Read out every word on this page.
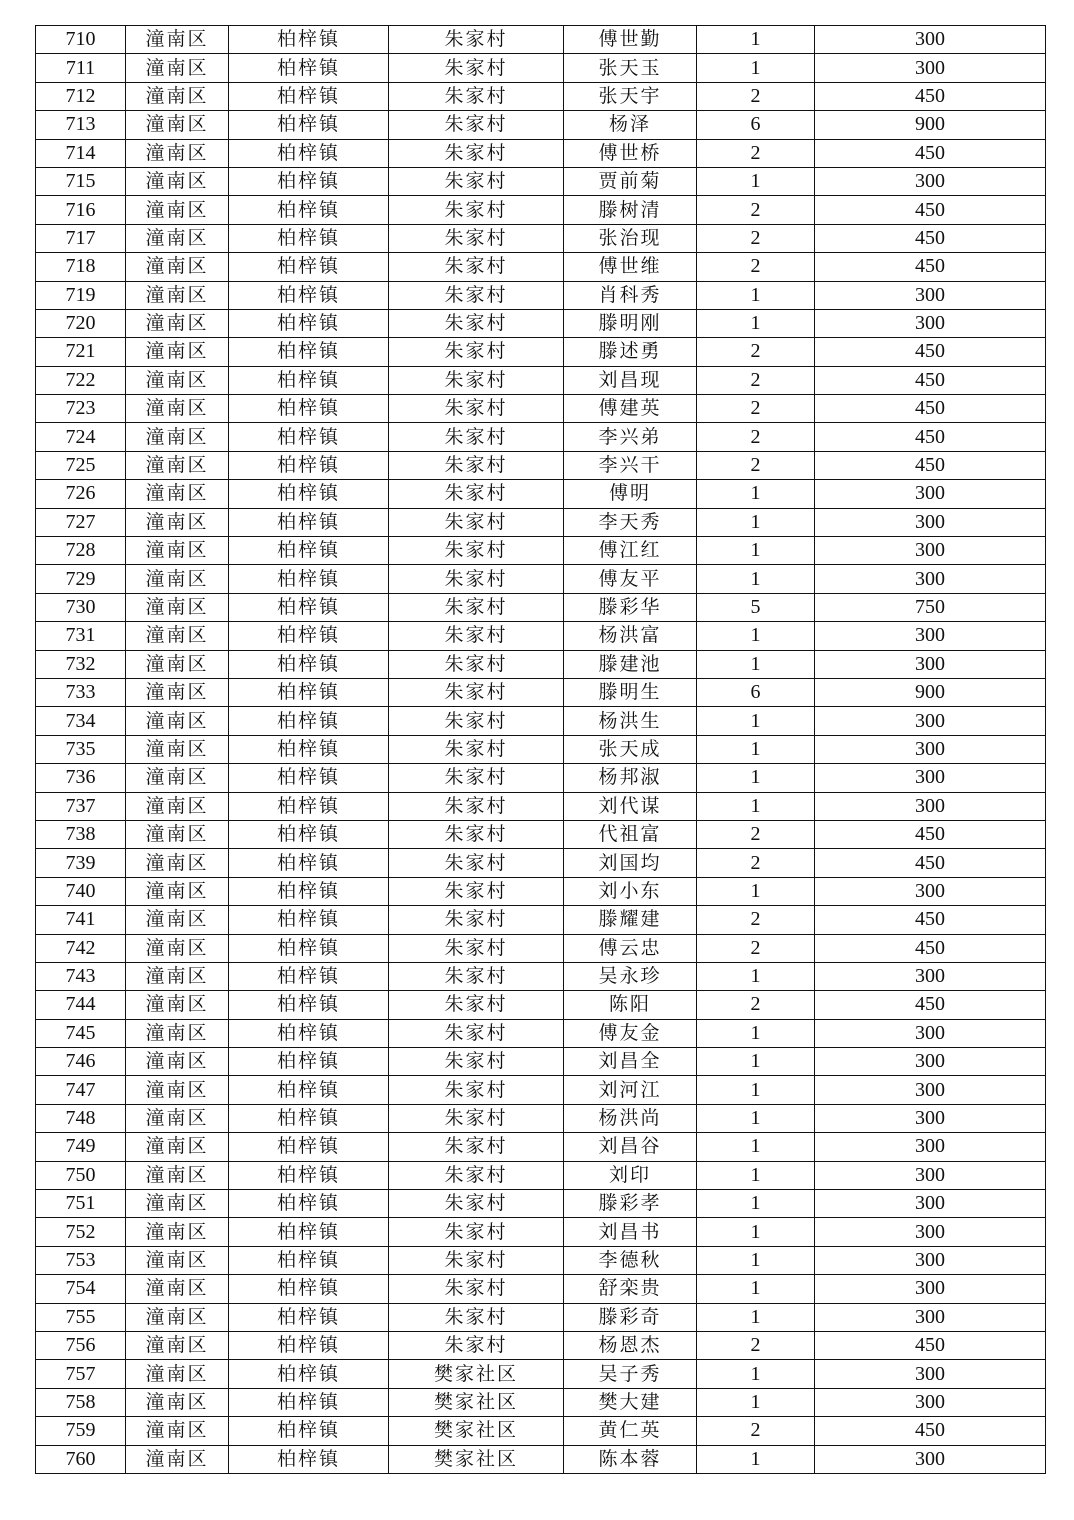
710	潼南区	柏梓镇	朱家村	傅世勤	1	300
711	潼南区	柏梓镇	朱家村	张天玉	1	300
712	潼南区	柏梓镇	朱家村	张天宇	2	450
713	潼南区	柏梓镇	朱家村	杨泽	6	900
714	潼南区	柏梓镇	朱家村	傅世桥	2	450
715	潼南区	柏梓镇	朱家村	贾前菊	1	300
716	潼南区	柏梓镇	朱家村	滕树清	2	450
717	潼南区	柏梓镇	朱家村	张治现	2	450
718	潼南区	柏梓镇	朱家村	傅世维	2	450
719	潼南区	柏梓镇	朱家村	肖科秀	1	300
720	潼南区	柏梓镇	朱家村	滕明刚	1	300
721	潼南区	柏梓镇	朱家村	滕述勇	2	450
722	潼南区	柏梓镇	朱家村	刘昌现	2	450
723	潼南区	柏梓镇	朱家村	傅建英	2	450
724	潼南区	柏梓镇	朱家村	李兴弟	2	450
725	潼南区	柏梓镇	朱家村	李兴干	2	450
726	潼南区	柏梓镇	朱家村	傅明	1	300
727	潼南区	柏梓镇	朱家村	李天秀	1	300
728	潼南区	柏梓镇	朱家村	傅江红	1	300
729	潼南区	柏梓镇	朱家村	傅友平	1	300
730	潼南区	柏梓镇	朱家村	滕彩华	5	750
731	潼南区	柏梓镇	朱家村	杨洪富	1	300
732	潼南区	柏梓镇	朱家村	滕建池	1	300
733	潼南区	柏梓镇	朱家村	滕明生	6	900
734	潼南区	柏梓镇	朱家村	杨洪生	1	300
735	潼南区	柏梓镇	朱家村	张天成	1	300
736	潼南区	柏梓镇	朱家村	杨邦淑	1	300
737	潼南区	柏梓镇	朱家村	刘代谋	1	300
738	潼南区	柏梓镇	朱家村	代祖富	2	450
739	潼南区	柏梓镇	朱家村	刘国均	2	450
740	潼南区	柏梓镇	朱家村	刘小东	1	300
741	潼南区	柏梓镇	朱家村	滕耀建	2	450
742	潼南区	柏梓镇	朱家村	傅云忠	2	450
743	潼南区	柏梓镇	朱家村	吴永珍	1	300
744	潼南区	柏梓镇	朱家村	陈阳	2	450
745	潼南区	柏梓镇	朱家村	傅友金	1	300
746	潼南区	柏梓镇	朱家村	刘昌全	1	300
747	潼南区	柏梓镇	朱家村	刘河江	1	300
748	潼南区	柏梓镇	朱家村	杨洪尚	1	300
749	潼南区	柏梓镇	朱家村	刘昌谷	1	300
750	潼南区	柏梓镇	朱家村	刘印	1	300
751	潼南区	柏梓镇	朱家村	滕彩孝	1	300
752	潼南区	柏梓镇	朱家村	刘昌书	1	300
753	潼南区	柏梓镇	朱家村	李德秋	1	300
754	潼南区	柏梓镇	朱家村	舒栾贵	1	300
755	潼南区	柏梓镇	朱家村	滕彩奇	1	300
756	潼南区	柏梓镇	朱家村	杨恩杰	2	450
757	潼南区	柏梓镇	樊家社区	吴子秀	1	300
758	潼南区	柏梓镇	樊家社区	樊大建	1	300
759	潼南区	柏梓镇	樊家社区	黄仁英	2	450
760	潼南区	柏梓镇	樊家社区	陈本蓉	1	300
